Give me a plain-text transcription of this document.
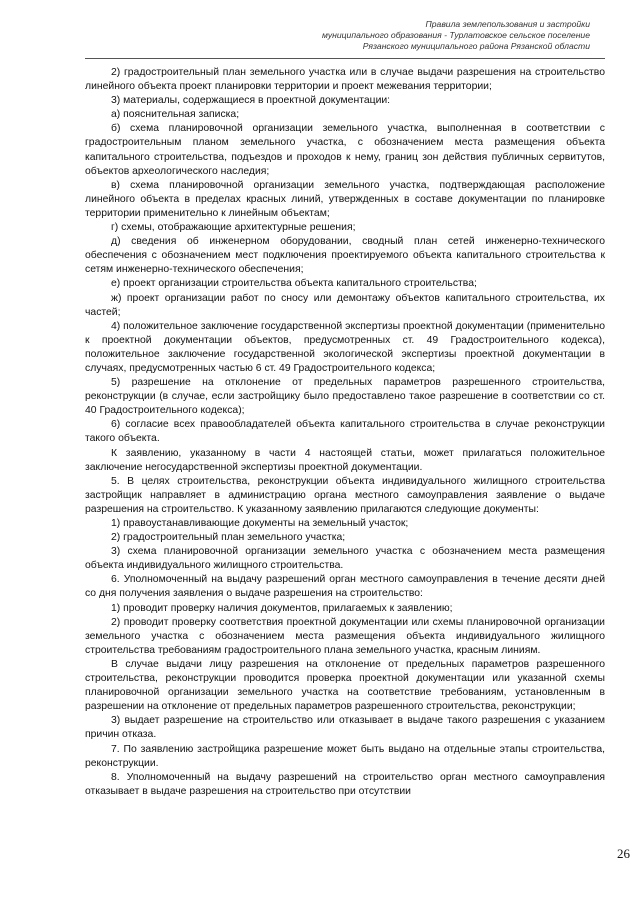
Правила землепользования и застройки
муниципального образования - Турлатовское сельское поселение
Рязанского муниципального района Рязанской области

2) градостроительный план земельного участка или в случае выдачи разрешения на строительство линейного объекта проект планировки территории и проект межевания территории;

3) материалы, содержащиеся в проектной документации:

а) пояснительная записка;

б) схема планировочной организации земельного участка, выполненная в соответствии с градостроительным планом земельного участка, с обозначением места размещения объекта капитального строительства, подъездов и проходов к нему, границ зон действия публичных сервитутов, объектов археологического наследия;

в) схема планировочной организации земельного участка, подтверждающая расположение линейного объекта в пределах красных линий, утвержденных в составе документации по планировке территории применительно к линейным объектам;

г) схемы, отображающие архитектурные решения;

д) сведения об инженерном оборудовании, сводный план сетей инженерно-технического обеспечения с обозначением мест подключения проектируемого объекта капитального строительства к сетям инженерно-технического обеспечения;

е) проект организации строительства объекта капитального строительства;

ж) проект организации работ по сносу или демонтажу объектов капитального строительства, их частей;

4) положительное заключение государственной экспертизы проектной документации (применительно к проектной документации объектов, предусмотренных ст. 49 Градостроительного кодекса), положительное заключение государственной экологической экспертизы проектной документации в случаях, предусмотренных частью 6 ст. 49 Градостроительного кодекса;

5) разрешение на отклонение от предельных параметров разрешенного строительства, реконструкции (в случае, если застройщику было предоставлено такое разрешение в соответствии со ст. 40 Градостроительного кодекса);

6) согласие всех правообладателей объекта капитального строительства в случае реконструкции такого объекта.

К заявлению, указанному в части 4 настоящей статьи, может прилагаться положительное заключение негосударственной экспертизы проектной документации.

5. В целях строительства, реконструкции объекта индивидуального жилищного строительства застройщик направляет в администрацию органа местного самоуправления заявление о выдаче разрешения на строительство. К указанному заявлению прилагаются следующие документы:

1) правоустанавливающие документы на земельный участок;

2) градостроительный план земельного участка;

3) схема планировочной организации земельного участка с обозначением места размещения объекта индивидуального жилищного строительства.

6. Уполномоченный на выдачу разрешений орган местного самоуправления в течение десяти дней со дня получения заявления о выдаче разрешения на строительство:

1) проводит проверку наличия документов, прилагаемых к заявлению;

2) проводит проверку соответствия проектной документации или схемы планировочной организации земельного участка с обозначением места размещения объекта индивидуального жилищного строительства требованиям градостроительного плана земельного участка, красным линиям.

В случае выдачи лицу разрешения на отклонение от предельных параметров разрешенного строительства, реконструкции проводится проверка проектной документации или указанной схемы планировочной организации земельного участка на соответствие требованиям, установленным в разрешении на отклонение от предельных параметров разрешенного строительства, реконструкции;

3) выдает разрешение на строительство или отказывает в выдаче такого разрешения с указанием причин отказа.

7. По заявлению застройщика разрешение может быть выдано на отдельные этапы строительства, реконструкции.

8. Уполномоченный на выдачу разрешений на строительство орган местного самоуправления отказывает в выдаче разрешения на строительство при отсутствии

26
